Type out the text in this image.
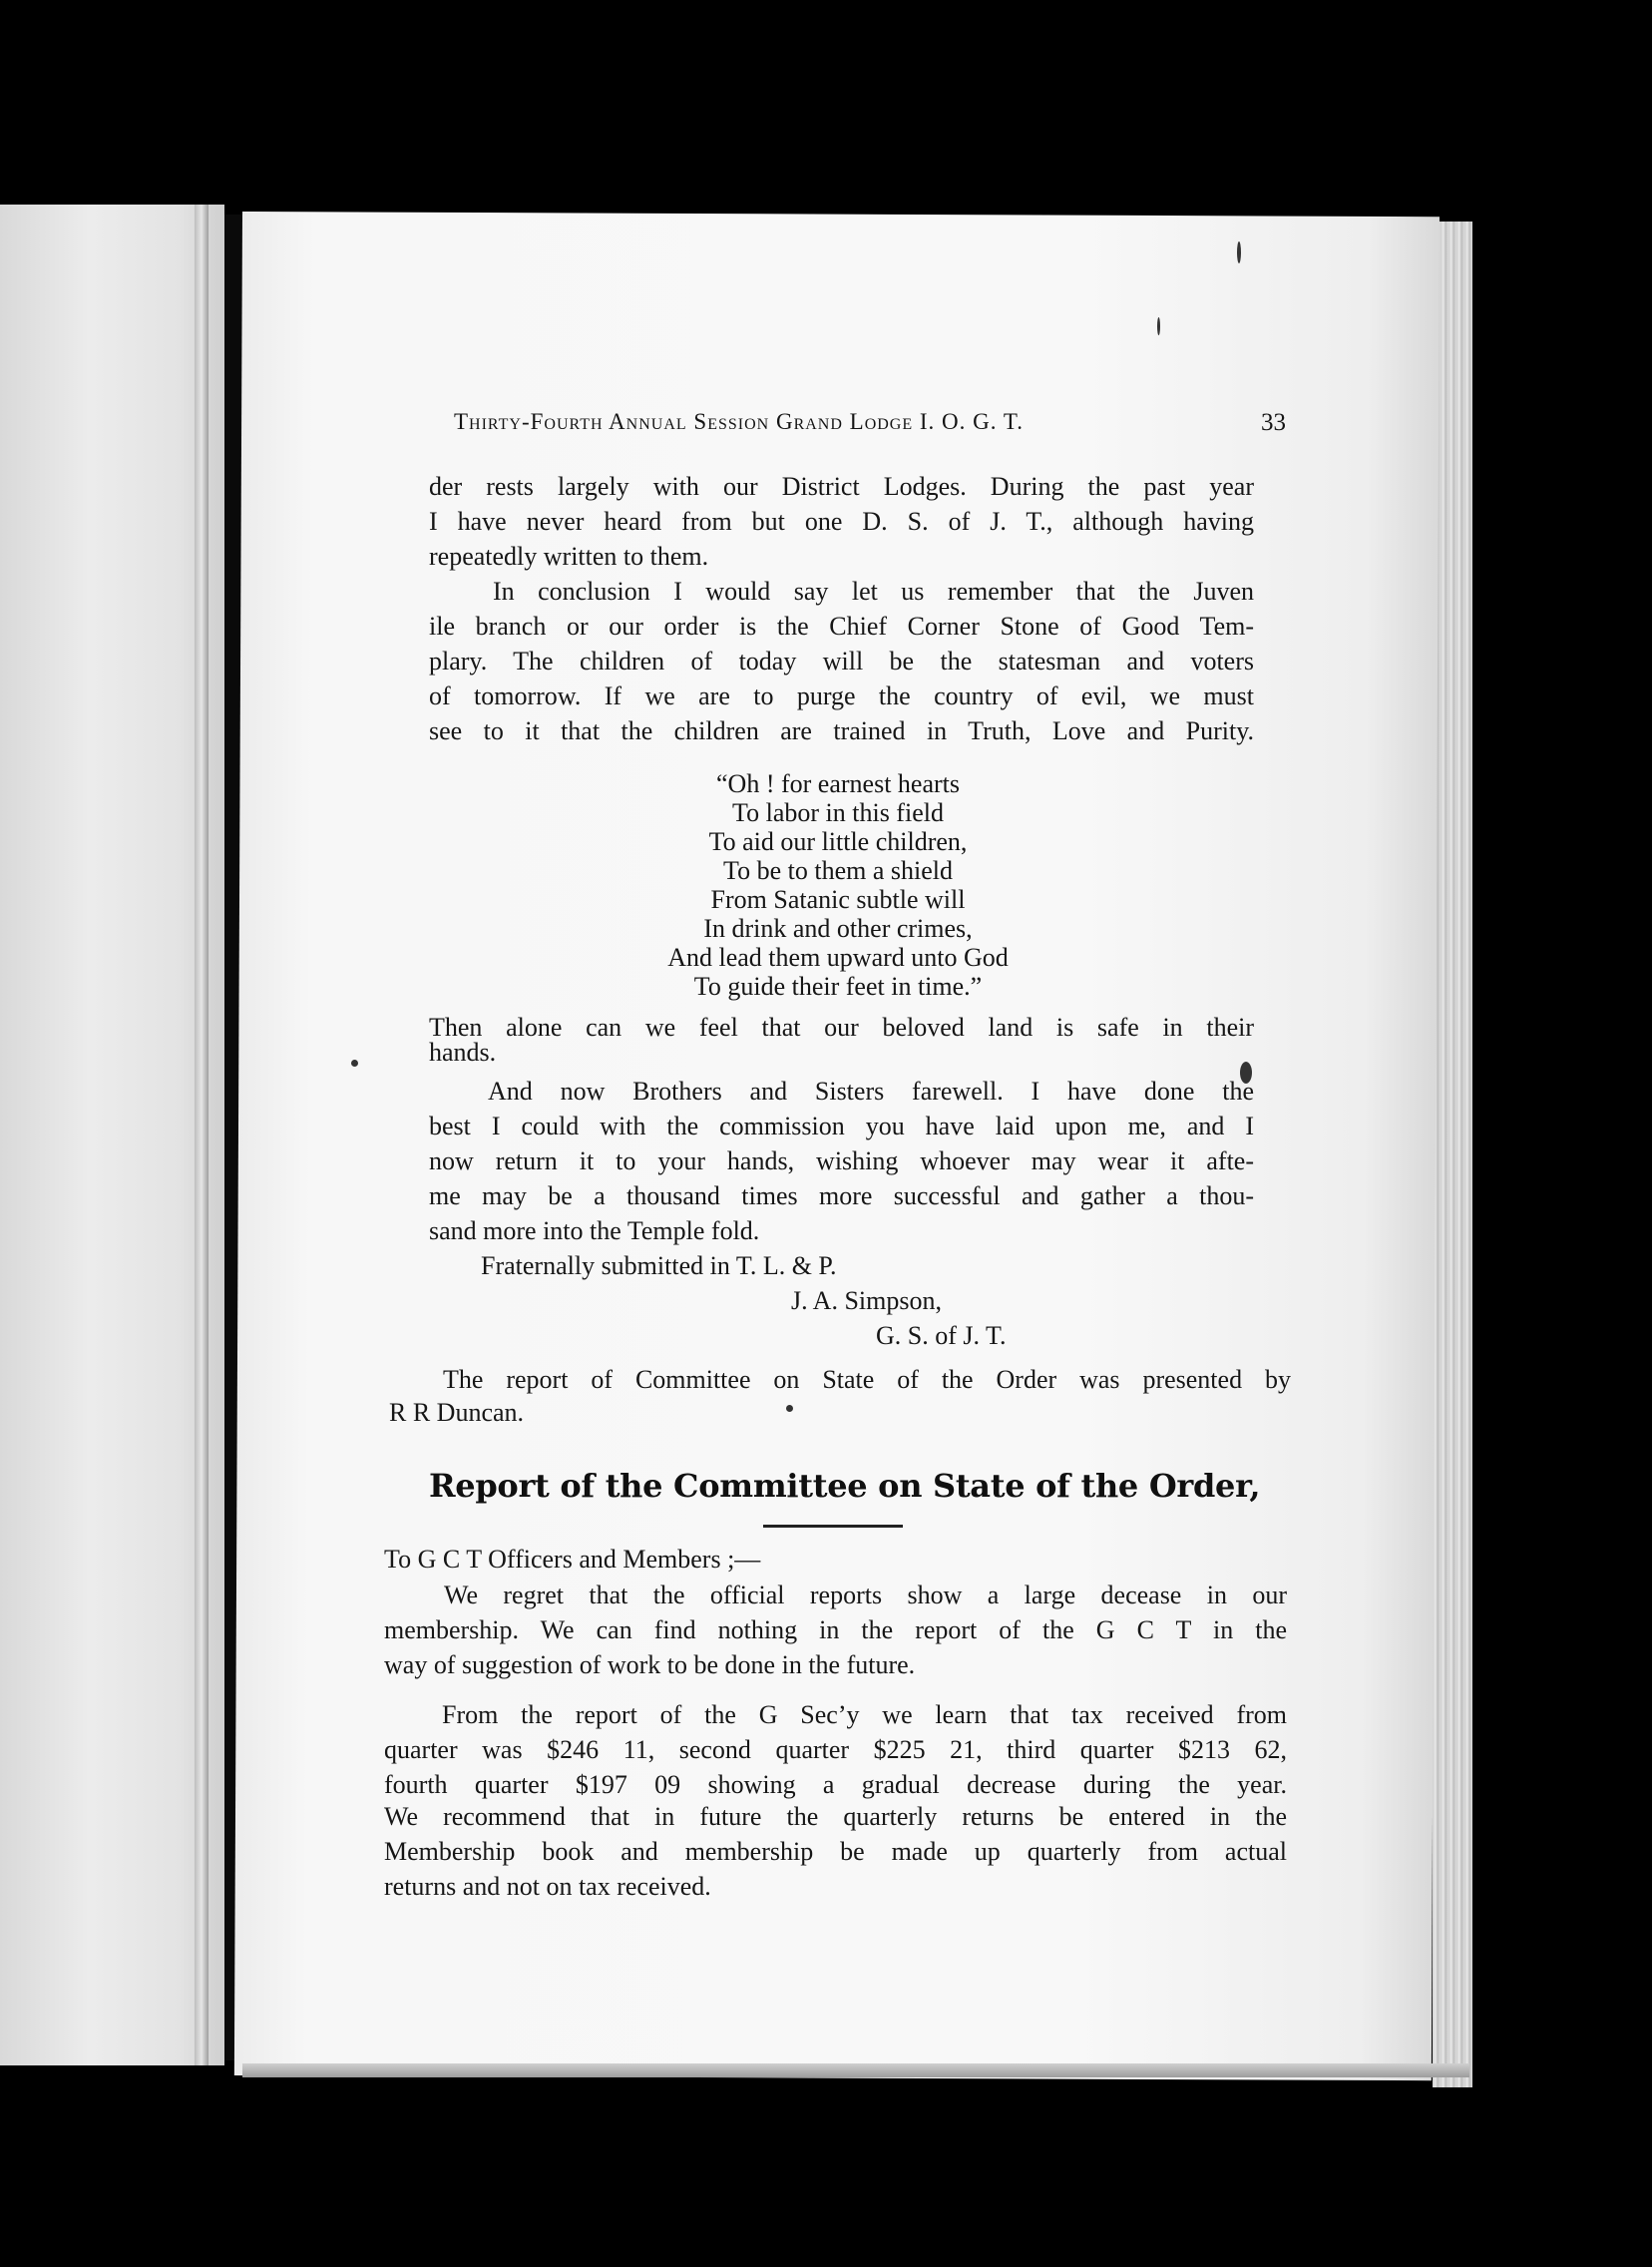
Thirty-Fourth Annual Session Grand Lodge I. O. G. T.	33
der rests largely with our District Lodges. During the past year
I have never heard from but one D. S. of J. T., although having
repeatedly written to them.
In conclusion I would say let us remember that the Juven
ile branch or our order is the Chief Corner Stone of Good Tem-
plary. The children of today will be the statesman and voters
of tomorrow. If we are to purge the country of evil, we must
see to it that the children are trained in Truth, Love and Purity.
“Oh ! for earnest hearts
To labor in this field
To aid our little children,
To be to them a shield
From Satanic subtle will
In drink and other crimes,
And lead them upward unto God
To guide their feet in time.”
Then alone can we feel that our beloved land is safe in their
hands.
And now Brothers and Sisters farewell. I have done the
best I could with the commission you have laid upon me, and I
now return it to your hands, wishing whoever may wear it afte-
me may be a thousand times more successful and gather a thou-
sand more into the Temple fold.
Fraternally submitted in T. L. & P.
J. A. Simpson,
G. S. of J. T.
The report of Committee on State of the Order was presented by
R R Duncan.
Report of the Committee on State of the Order,
To G C T Officers and Members ;—
We regret that the official reports show a large decease in our
membership. We can find nothing in the report of the G C T in the
way of suggestion of work to be done in the future.
From the report of the G Sec’y we learn that tax received from
quarter was $246 11, second quarter $225 21, third quarter $213 62,
fourth quarter $197 09 showing a gradual decrease during the year.
We recommend that in future the quarterly returns be entered in the
Membership book and membership be made up quarterly from actual
returns and not on tax received.
